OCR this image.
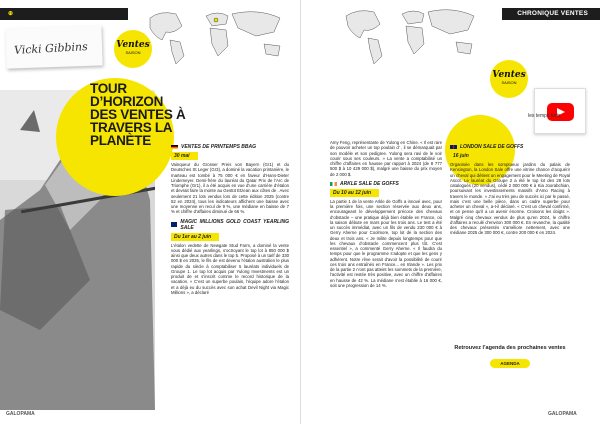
⊕
Vicki Gibbins	Ventes
SAISON
TOUR D’HORIZON DES VENTES À TRAVERS LA PLANÈTE	VENTES DE PRINTEMPS BBAG
30 mai

Vainqueur du Grosser Preis von Bayern (Gr1) et du Deutsches St Leger (Gr3), a dominé la vacation printanière, le marteau est tombé à 75 000 € en faveur d’Hans-Dieter Lindemeyer. Demi-frère du lauréat du Qatar Prix de l’Arc de Triomphe (Gr1), il a été acquis en vue d’une carrière d’étalon et devrait faire la monte au Gestüt Etzean aux côtes de . Avec seulement 21 lots vendus lors de cette édition 2025 (contre 52 en 2024), tous les indicateurs affichent une baisse avec une moyenne en recul de 9 %, une médiane en baisse de 7 % et chiffre d’affaires diminué de 66 %.

MAGIC MILLIONS GOLD COAST YEARLING SALE
Du 1er au 2 juin

L’étalon vedette de Newgate Stud Farm, a dominé la vente vous dédié aux yearlings, s’octroyant le top lot à 850 000 $ ainsi que deux autres dans le top 5. Proposé à un tarif de 330 000 $ en 2025, le fils de est devenu l’étalon australien le plus rapide du siècle à comptabiliser 5 lauréats individuels de Groupe 1. Le top lot acquis par Yulong Investments est un produit de et s’inscrit comme le record historique de la vacation. « C’est un superbe poulain, l’équipe adore l’étalon et a déjà eu du succès avec son achat Devil Night via Magic Millions », a déclaré

GALOPAMA
CHRONIQUE VENTES
les temps forts
Ventes
SAISON

Amy Feng, représentante de Yulong en Chine. « Il est rare de pouvoir acheter un top poulain d’ , il se démarquait par son modèle et son pedigree. Yulong sera ravi de le voir courir sous ses couleurs. » La vente a comptabilisé un chiffre d’affaires en hausse par rapport à 2024 (de 8 777 500 $ à 10 429 000 $), malgré une baisse du prix moyen de 2 000 $.

ARKLE SALE DE GOFFS
Du 10 au 12 juin

La partie 1 de la vente Arkle de Goffs a innové avec, pour la première fois, une section réservée aux deux ans, encourageant le développement précoce des chevaux d’obstacle – une pratique déjà bien établie en France, où la saison débute en mars pour les trois ans. Le test a été un succès immédiat, avec un fils de vendu 230 000 € à Gerry Aherne pour Coolmore, top lot de la section des deux et trois ans. « Je milite depuis longtemps pour que les chevaux d’obstacle commencent plus tôt. C’est essentiel », a commenté Gerry Aherne. « Il faudra du temps pour que le programme s’adopte et que les gens y adhèrent. Notre rêve serait d’avoir la possibilité de courir ces trois ans entraînés en France... en Irlande ». Les prix de la partie 2 n’ont pas atteint les sommets de la première, l’activité est restée très positive, avec un chiffre d’affaires en hausse de 42 %. La médiane s’est établie à 16 000 €, soit une progression de 14 %.

LONDON SALE DE GOFFS
16 juin

Organisée dans les somptueux jardins du palais de Kensington, la London Sale offre une vitrine chance d’acquérir un cheval qui détient un engagement pour le Meeting de Royal Ascot. Le lauréat du Groupe 2 a été le top lot des 28 lots catalogués (20 vendus), cédé 2 000 000 € à Kia Joorabchian, poursuivant les investissements massifs d’Amo Racing à travers le monde. « J’ai eu très peu de succès ici par le passé, mais c’est une belle pièce, dans un cadre superbe pour acheter un cheval », a-t-il déclaré. « C’est un cheval confirmé, et on pense qu’il a un avenir énorme. Croisons les doigts ». Malgré cinq chevaux vendus de plus qu’en 2024, le chiffre d’affaires a reculé d’environ 300 000 €. En revanche, la qualité des chevaux présentés s’améliore nettement, avec une médiane 2025 de 300 000 €, contre 200 000 € en 2024.

Retrouvez l’agenda des prochaines ventes
AGENDA
GALOPAMA
